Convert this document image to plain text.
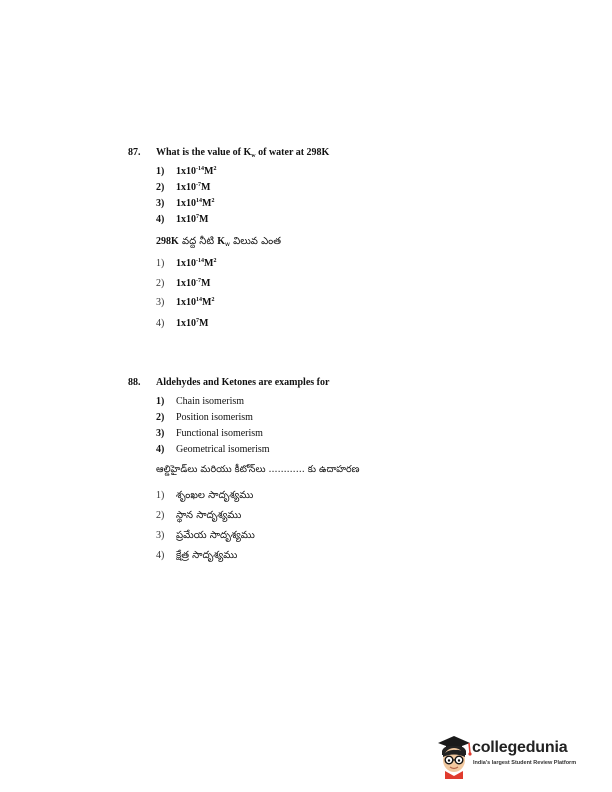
87. What is the value of $K_w$ of water at 298K
1) $1x10^{-14}M^2$
2) $1x10^{-7}M$
3) $1x10^{14}M^2$
4) $1x10^7M$
298K వద్ద నీటి $K_w$ విలువ ఎంత
1) $1x10^{-14}M^2$
2) $1x10^{-7}M$
3) $1x10^{14}M^2$
4) $1x10^7M$
88. Aldehydes and Ketones are examples for
1) Chain isomerism
2) Position isomerism
3) Functional isomerism
4) Geometrical isomerism
ఆల్డిహైడ్‌లు మరియు కీటోన్‌లు ............ కు ఉదాహరణ
1) శృంఖల సాదృశ్యము
2) స్థాన సాదృశ్యము
3) ప్రమేయ సాదృశ్యము
4) క్షేత్ర సాదృశ్యము
collegedunia
India's largest Student Review Platform
